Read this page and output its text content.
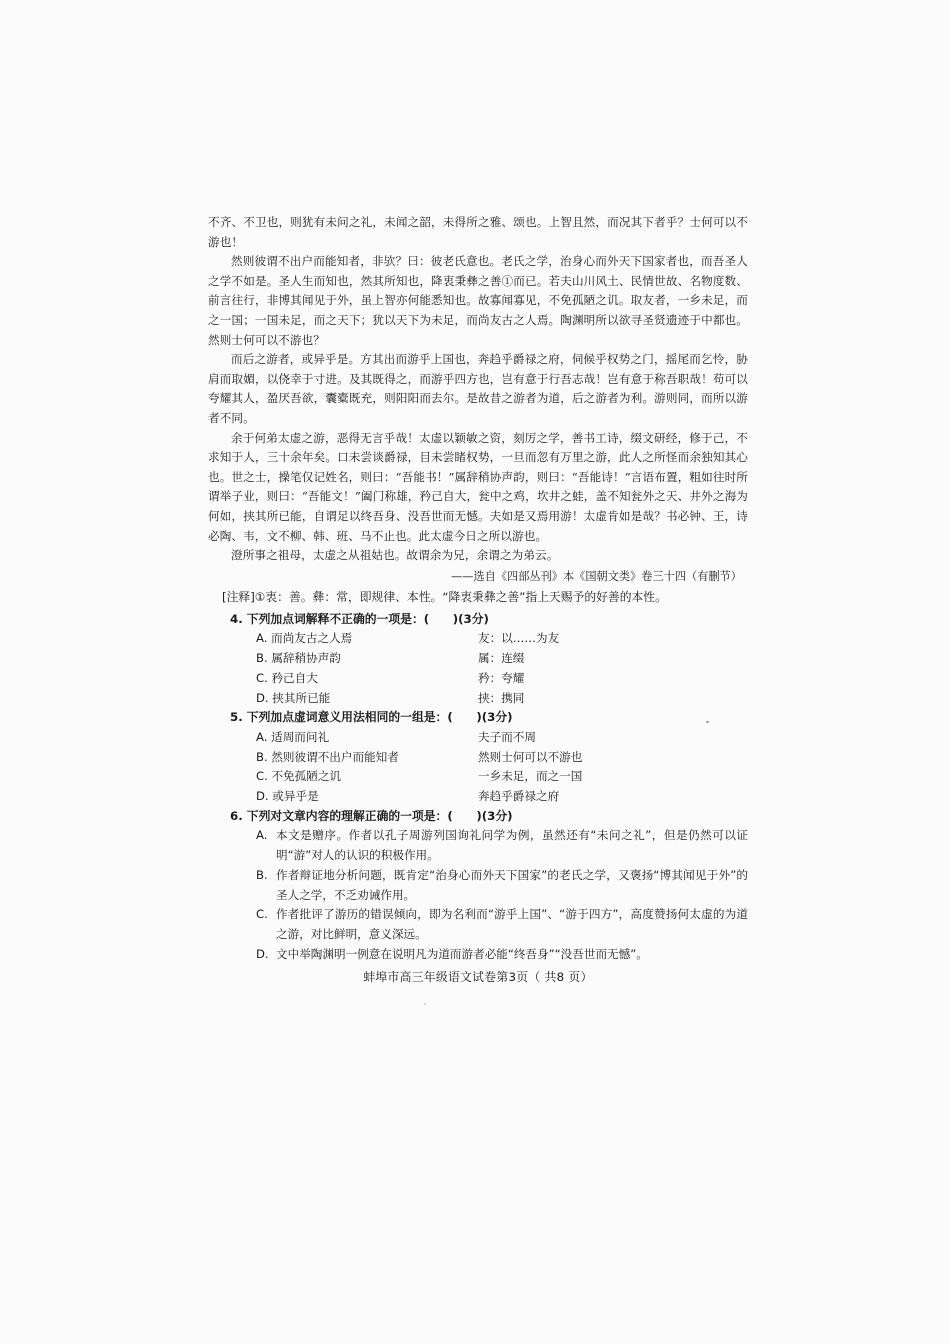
不齐、不卫也，则犹有未问之礼，未闻之韶，未得所之雅、颂也。上智且然，而况其下者乎？士何可以不游也！

然则彼谓不出户而能知者，非欤？曰：彼老氏意也。老氏之学，治身心而外天下国家者也，而吾圣人之学不如是。圣人生而知也，然其所知也，降衷秉彝之善①而已。若夫山川风土、民情世故、名物度数、前言往行，非博其闻见于外，虽上智亦何能悉知也。故寡闻寡见，不免孤陋之讥。取友者，一乡未足，而之一国；一国未足，而之天下；犹以天下为未足，而尚友古之人焉。陶渊明所以欲寻圣贤遗迹于中都也。然则士何可以不游也？

而后之游者，或异乎是。方其出而游乎上国也，奔趋乎爵禄之府，伺候乎权势之门，摇尾而乞怜，胁肩而取媚，以侥幸于寸进。及其既得之，而游乎四方也，岂有意于行吾志哉！岂有意于称吾职哉！苟可以夸耀其人，盈厌吾欲，囊橐既充，则阳阳而去尔。是故昔之游者为道，后之游者为利。游则同，而所以游者不同。

余于何弟太虚之游，恶得无言乎哉！太虚以颖敏之资，刻厉之学，善书工诗，缀文研经，修于己，不求知于人，三十余年矣。口未尝谈爵禄，目未尝睹权势，一旦而忽有万里之游，此人之所怪而余独知其心也。世之士，操笔仅记姓名，则曰：“吾能书！”属辞稍协声韵，则曰：“吾能诗！”言语布置，粗如往时所谓举子业，则曰：“吾能文！”阖门称雄，矜己自大，瓮中之鸡，坎井之蛙，盖不知瓮外之天、井外之海为何如，挟其所已能，自谓足以终吾身、没吾世而无憾。夫如是又焉用游！太虚肯如是哉？书必钟、王，诗必陶、韦，文不柳、韩、班、马不止也。此太虚今日之所以游也。

澄所事之祖母，太虚之从祖姑也。故谓余为兄，余谓之为弟云。

——选自《四部丛刊》本《国朝文类》卷三十四（有删节）
[注释]①衷：善。彝：常，即规律、本性。“降衷秉彝之善”指上天赐予的好善的本性。
4. 下列加点词解释不正确的一项是：(　　)(3分)
A. 而尚友古之人焉	友：以……为友
B. 属辞稍协声韵	属：连缀
C. 矜己自大	矜：夸耀
D. 挟其所已能	挟：携同
5. 下列加点虚词意义用法相同的一组是：(　　)(3分)
A. 适周而问礼	夫子而不周
B. 然则彼谓不出户而能知者	然则士何可以不游也
C. 不免孤陋之讥	一乡未足，而之一国
D. 或异乎是	奔趋乎爵禄之府
6. 下列对文章内容的理解正确的一项是：(　　)(3分)
A. 本文是赠序。作者以孔子周游列国询礼问学为例，虽然还有“未问之礼”，但是仍然可以证明“游”对人的认识的积极作用。
B. 作者辩证地分析问题，既肯定“治身心而外天下国家”的老氏之学，又褒扬“博其闻见于外”的圣人之学，不乏劝诫作用。
C. 作者批评了游历的错误倾向，即为名利而“游乎上国”、“游于四方”，高度赞扬何太虚的为道之游，对比鲜明，意义深远。
D. 文中举陶渊明一例意在说明凡为道而游者必能“终吾身”“没吾世而无憾”。
蚌埠市高三年级语文试卷第3页（ 共8 页）
